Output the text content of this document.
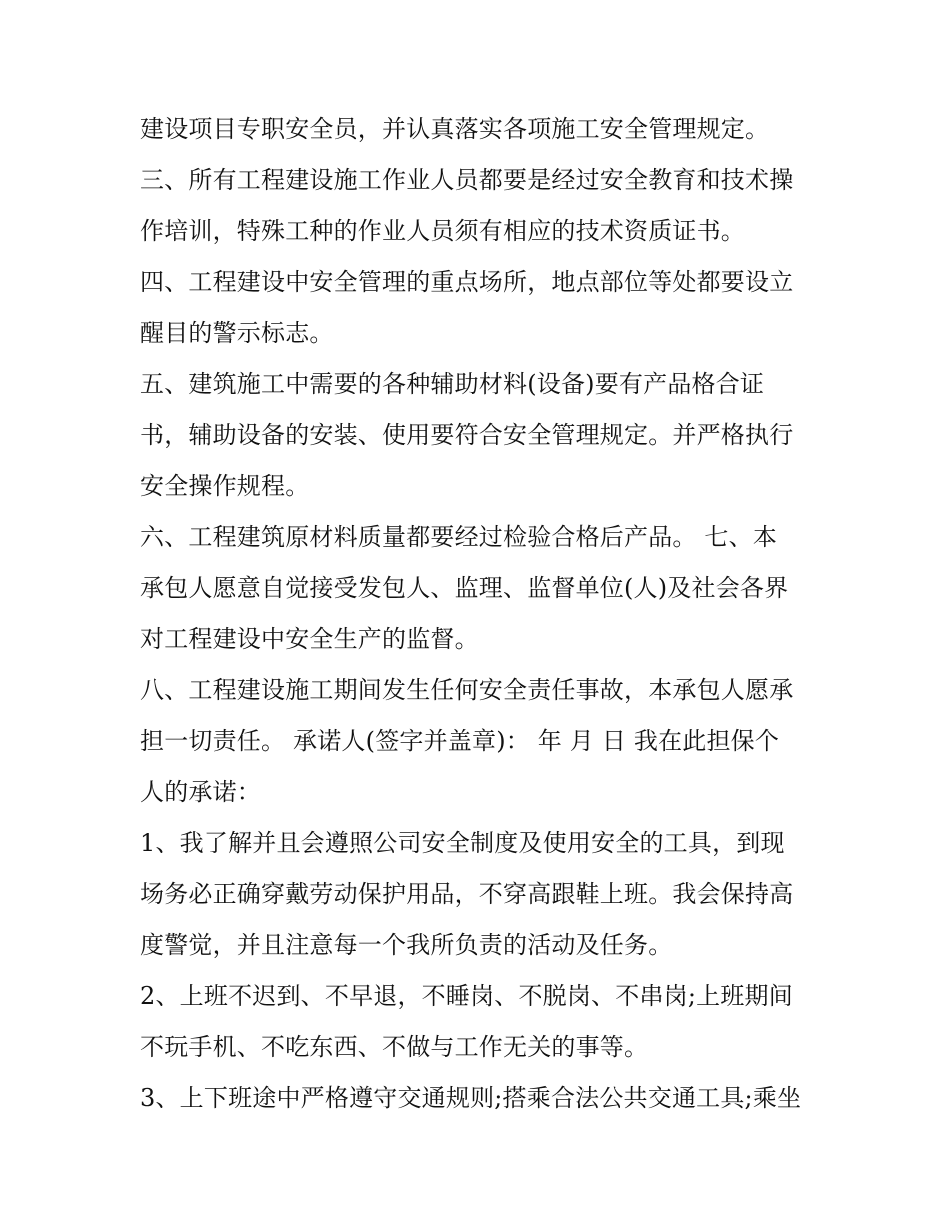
建设项目专职安全员，并认真落实各项施工安全管理规定。
三、所有工程建设施工作业人员都要是经过安全教育和技术操
作培训，特殊工种的作业人员须有相应的技术资质证书。
四、工程建设中安全管理的重点场所，地点部位等处都要设立
醒目的警示标志。
五、建筑施工中需要的各种辅助材料(设备)要有产品格合证
书，辅助设备的安装、使用要符合安全管理规定。并严格执行
安全操作规程。
六、工程建筑原材料质量都要经过检验合格后产品。 七、本
承包人愿意自觉接受发包人、监理、监督单位(人)及社会各界
对工程建设中安全生产的监督。
八、工程建设施工期间发生任何安全责任事故，本承包人愿承
担一切责任。 承诺人(签字并盖章)： 年 月 日 我在此担保个
人的承诺：
1、我了解并且会遵照公司安全制度及使用安全的工具，到现
场务必正确穿戴劳动保护用品，不穿高跟鞋上班。我会保持高
度警觉，并且注意每一个我所负责的活动及任务。
2、上班不迟到、不早退，不睡岗、不脱岗、不串岗;上班期间
不玩手机、不吃东西、不做与工作无关的事等。
3、上下班途中严格遵守交通规则;搭乘合法公共交通工具;乘坐
